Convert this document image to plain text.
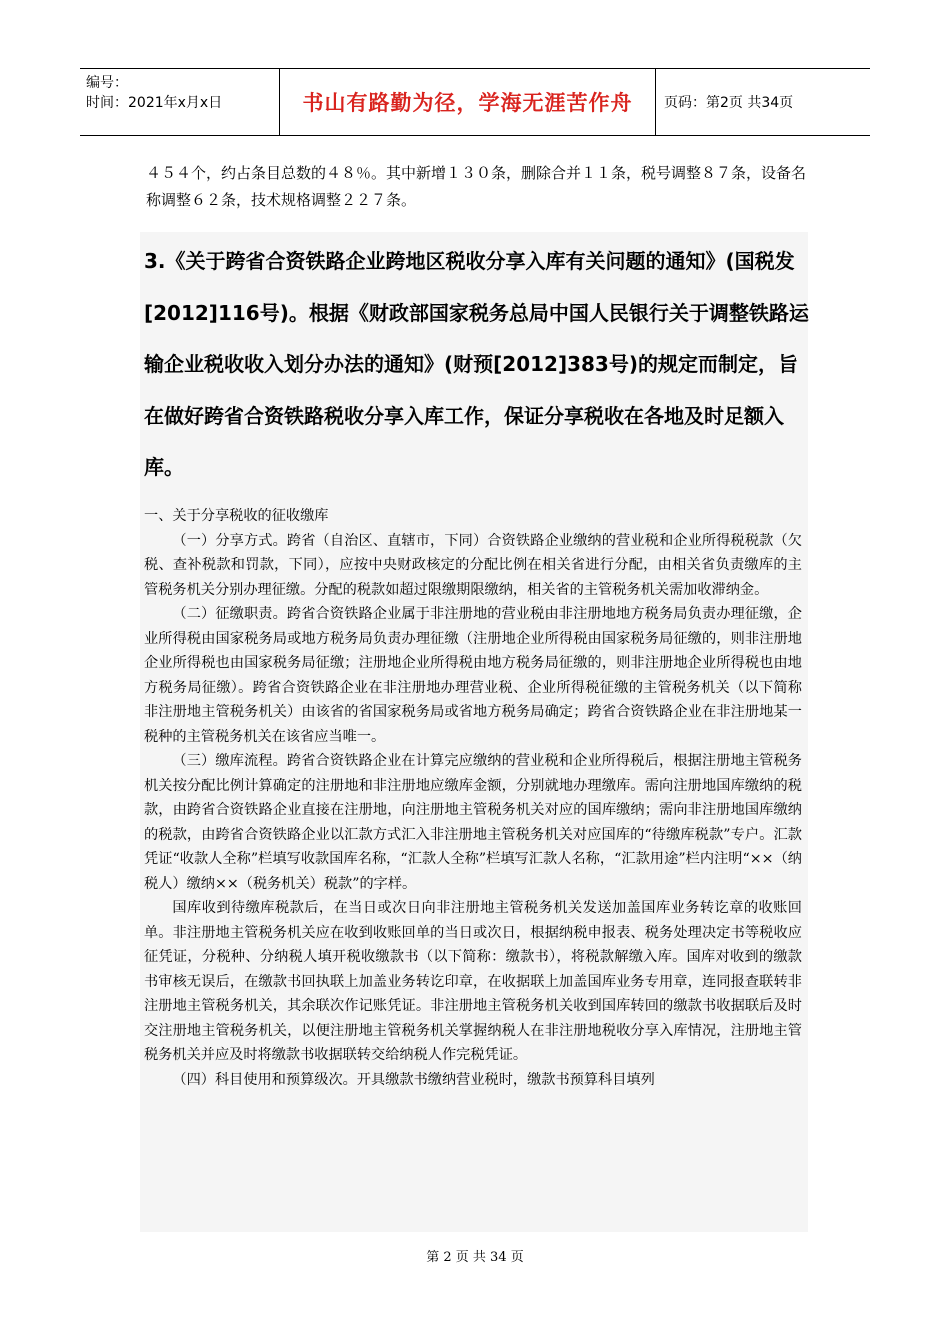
编号：
时间：2021年x月x日	书山有路勤为径，学海无涯苦作舟	页码：第2页 共34页
４５４个，约占条目总数的４８％。其中新增１３０条，删除合并１１条，税号调整８７条，设备名称调整６２条，技术规格调整２２７条。
3.《关于跨省合资铁路企业跨地区税收分享入库有关问题的通知》(国税发[2012]116号)。根据《财政部国家税务总局中国人民银行关于调整铁路运输企业税收收入划分办法的通知》(财预[2012]383号)的规定而制定，旨在做好跨省合资铁路税收分享入库工作，保证分享税收在各地及时足额入库。

一、关于分享税收的征收缴库

（一）分享方式。跨省（自治区、直辖市，下同）合资铁路企业缴纳的营业税和企业所得税税款（欠税、查补税款和罚款，下同），应按中央财政核定的分配比例在相关省进行分配，由相关省负责缴库的主管税务机关分别办理征缴。分配的税款如超过限缴期限缴纳，相关省的主管税务机关需加收滞纳金。

（二）征缴职责。跨省合资铁路企业属于非注册地的营业税由非注册地地方税务局负责办理征缴，企业所得税由国家税务局或地方税务局负责办理征缴（注册地企业所得税由国家税务局征缴的，则非注册地企业所得税也由国家税务局征缴；注册地企业所得税由地方税务局征缴的，则非注册地企业所得税也由地方税务局征缴）。跨省合资铁路企业在非注册地办理营业税、企业所得税征缴的主管税务机关（以下简称非注册地主管税务机关）由该省的省国家税务局或省地方税务局确定；跨省合资铁路企业在非注册地某一税种的主管税务机关在该省应当唯一。

（三）缴库流程。跨省合资铁路企业在计算完应缴纳的营业税和企业所得税后，根据注册地主管税务机关按分配比例计算确定的注册地和非注册地应缴库金额，分别就地办理缴库。需向注册地国库缴纳的税款，由跨省合资铁路企业直接在注册地，向注册地主管税务机关对应的国库缴纳；需向非注册地国库缴纳的税款，由跨省合资铁路企业以汇款方式汇入非注册地主管税务机关对应国库的“待缴库税款”专户。汇款凭证“收款人全称”栏填写收款国库名称，“汇款人全称”栏填写汇款人名称，“汇款用途”栏内注明“××（纳税人）缴纳××（税务机关）税款”的字样。

国库收到待缴库税款后，在当日或次日向非注册地主管税务机关发送加盖国库业务转讫章的收账回单。非注册地主管税务机关应在收到收账回单的当日或次日，根据纳税申报表、税务处理决定书等税收应征凭证，分税种、分纳税人填开税收缴款书（以下简称：缴款书），将税款解缴入库。国库对收到的缴款书审核无误后，在缴款书回执联上加盖业务转讫印章，在收据联上加盖国库业务专用章，连同报查联转非注册地主管税务机关，其余联次作记账凭证。非注册地主管税务机关收到国库转回的缴款书收据联后及时交注册地主管税务机关，以便注册地主管税务机关掌握纳税人在非注册地税收分享入库情况，注册地主管税务机关并应及时将缴款书收据联转交给纳税人作完税凭证。

（四）科目使用和预算级次。开具缴款书缴纳营业税时，缴款书预算科目填列

第 2 页 共 34 页
